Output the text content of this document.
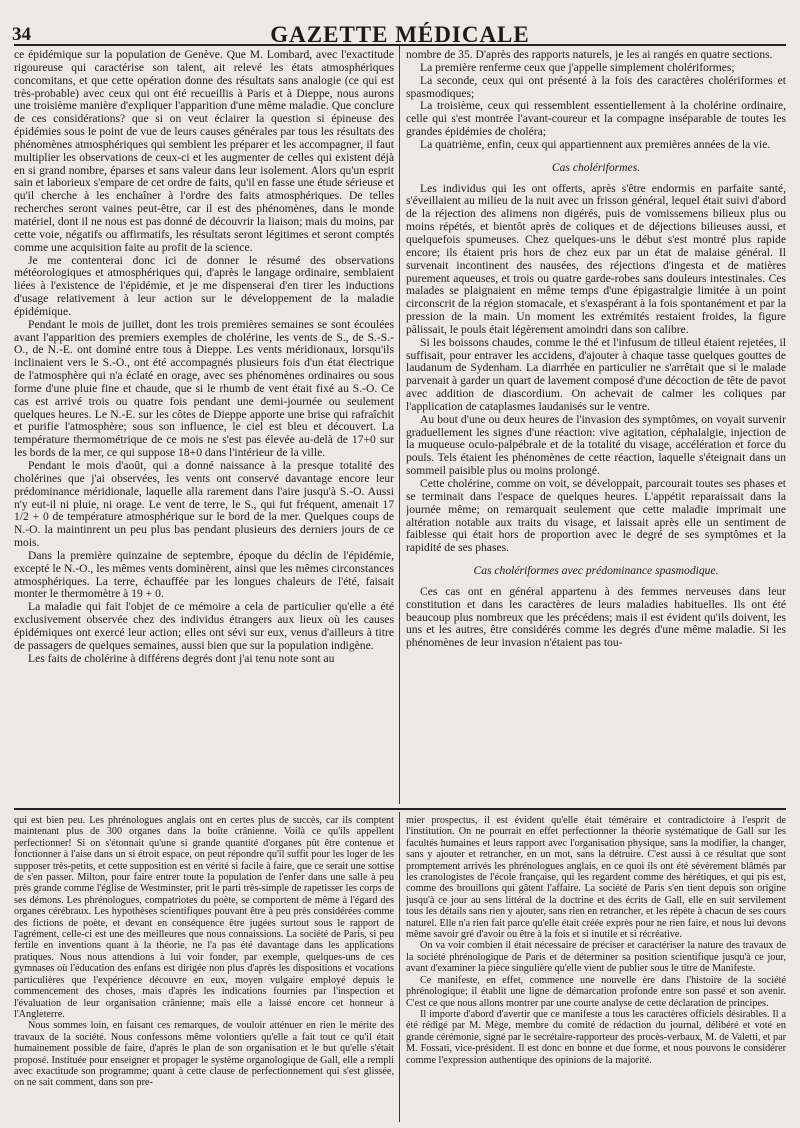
34	GAZETTE MÉDICALE

ce épidémique sur la population de Genève. Que M. Lombard, avec l'exactitude rigoureuse qui caractérise son talent, ait relevé les états atmosphériques concomitans, et que cette opération donne des résultats sans analogie (ce qui est très-probable) avec ceux qui ont été recueillis à Paris et à Dieppe, nous aurons une troisième manière d'expliquer l'apparition d'une même maladie. Que conclure de ces considérations? que si on veut éclairer la question si épineuse des épidémies sous le point de vue de leurs causes générales par tous les résultats des phénomènes atmosphériques qui semblent les préparer et les accompagner, il faut multiplier les observations de ceux-ci et les augmenter de celles qui existent déjà en si grand nombre, éparses et sans valeur dans leur isolement. Alors qu'un esprit sain et laborieux s'empare de cet ordre de faits, qu'il en fasse une étude sérieuse et qu'il cherche à les enchaîner à l'ordre des faits atmosphériques. De telles recherches seront vaines peut-être, car il est des phénomènes, dans le monde matériel, dont il ne nous est pas donné de découvrir la liaison; mais du moins, par cette voie, négatifs ou affirmatifs, les résultats seront légitimes et seront comptés comme une acquisition faite au profit de la science.

Je me contenterai donc ici de donner le résumé des observations météorologiques et atmosphériques qui, d'après le langage ordinaire, semblaient liées à l'existence de l'épidémie, et je me dispenserai d'en tirer les inductions d'usage relativement à leur action sur le développement de la maladie épidémique.

Pendant le mois de juillet, dont les trois premières semaines se sont écoulées avant l'apparition des premiers exemples de cholérine, les vents de S., de S.-S.-O., de N.-E. ont dominé entre tous à Dieppe. Les vents méridionaux, lorsqu'ils inclinaient vers le S.-O., ont été accompagnés plusieurs fois d'un état électrique de l'atmosphère qui n'a éclaté en orage, avec ses phénomènes ordinaires ou sous forme d'une pluie fine et chaude, que si le rhumb de vent était fixé au S.-O. Ce cas est arrivé trois ou quatre fois pendant une demi-journée ou seulement quelques heures. Le N.-E. sur les côtes de Dieppe apporte une brise qui rafraîchit et purifie l'atmosphère; sous son influence, le ciel est bleu et découvert. La température thermométrique de ce mois ne s'est pas élevée au-delà de 17+0 sur les bords de la mer, ce qui suppose 18+0 dans l'intérieur de la ville.

Pendant le mois d'août, qui a donné naissance à la presque totalité des cholérines que j'ai observées, les vents ont conservé davantage encore leur prédominance méridionale, laquelle alla rarement dans l'aire jusqu'à S.-O. Aussi n'y eut-il ni pluie, ni orage. Le vent de terre, le S., qui fut fréquent, amenait 17 1/2 + 0 de température atmosphérique sur le bord de la mer. Quelques coups de N.-O. la maintinrent un peu plus bas pendant plusieurs des derniers jours de ce mois.

Dans la première quinzaine de septembre, époque du déclin de l'épidémie, excepté le N.-O., les mêmes vents dominèrent, ainsi que les mêmes circonstances atmosphériques. La terre, échauffée par les longues chaleurs de l'été, faisait monter le thermomètre à 19 + 0.

La maladie qui fait l'objet de ce mémoire a cela de particulier qu'elle a été exclusivement observée chez des individus étrangers aux lieux où les causes épidémiques ont exercé leur action; elles ont sévi sur eux, venus d'ailleurs à titre de passagers de quelques semaines, aussi bien que sur la population indigène.

Les faits de cholérine à différens degrés dont j'ai tenu note sont au

nombre de 35. D'après des rapports naturels, je les ai rangés en quatre sections.

La première renferme ceux que j'appelle simplement cholériformes;

La seconde, ceux qui ont présenté à la fois des caractères cholériformes et spasmodiques;

La troisième, ceux qui ressemblent essentiellement à la cholérine ordinaire, celle qui s'est montrée l'avant-coureur et la compagne inséparable de toutes les grandes épidémies de choléra;

La quatrième, enfin, ceux qui appartiennent aux premières années de la vie.

Cas cholériformes.

Les individus qui les ont offerts, après s'être endormis en parfaite santé, s'éveillaient au milieu de la nuit avec un frisson général, lequel était suivi d'abord de la réjection des alimens non digérés, puis de vomissemens bilieux plus ou moins répétés, et bientôt après de coliques et de déjections bilieuses aussi, et quelquefois spumeuses. Chez quelques-uns le début s'est montré plus rapide encore; ils étaient pris hors de chez eux par un état de malaise général. Il survenait incontinent des nausées, des réjections d'ingesta et de matières purement aqueuses, et trois ou quatre garde-robes sans douleurs intestinales. Ces malades se plaignaient en même temps d'une épigastralgie limitée à un point circonscrit de la région stomacale, et s'exaspérant à la fois spontanément et par la pression de la main. Un moment les extrémités restaient froides, la figure pâlissait, le pouls était légèrement amoindri dans son calibre.

Si les boissons chaudes, comme le thé et l'infusum de tilleul étaient rejetées, il suffisait, pour entraver les accidens, d'ajouter à chaque tasse quelques gouttes de laudanum de Sydenham. La diarrhée en particulier ne s'arrêtait que si le malade parvenait à garder un quart de lavement composé d'une décoction de tête de pavot avec addition de diascordium. On achevait de calmer les coliques par l'application de cataplasmes laudanisés sur le ventre.

Au bout d'une ou deux heures de l'invasion des symptômes, on voyait survenir graduellement les signes d'une réaction: vive agitation, céphalalgie, injection de la muqueuse oculo-palpébrale et de la totalité du visage, accélération et force du pouls. Tels étaient les phénomènes de cette réaction, laquelle s'éteignait dans un sommeil paisible plus ou moins prolongé.

Cette cholérine, comme on voit, se développait, parcourait toutes ses phases et se terminait dans l'espace de quelques heures. L'appétit reparaissait dans la journée même; on remarquait seulement que cette maladie imprimait une altération notable aux traits du visage, et laissait après elle un sentiment de faiblesse qui était hors de proportion avec le degré de ses symptômes et la rapidité de ses phases.

Cas cholériformes avec prédominance spasmodique.

Ces cas ont en général appartenu à des femmes nerveuses dans leur constitution et dans les caractères de leurs maladies habituelles. Ils ont été beaucoup plus nombreux que les précédens; mais il est évident qu'ils doivent, les uns et les autres, être considérés comme les degrés d'une même maladie. Si les phénomènes de leur invasion n'étaient pas tou-

qui est bien peu. Les phrénologues anglais ont en certes plus de succès, car ils comptent maintenant plus de 300 organes dans la boîte crânienne. Voilà ce qu'ils appellent perfectionner! Si on s'étonnait qu'une si grande quantité d'organes pût être contenue et fonctionner à l'aise dans un si étroit espace, on peut répondre qu'il suffit pour les loger de les supposer très-petits, et cette supposition est en vérité si facile à faire, que ce serait une sottise de s'en passer. Milton, pour faire entrer toute la population de l'enfer dans une salle à peu près grande comme l'église de Westminster, prit le parti très-simple de rapetisser les corps de ses démons. Les phrénologues, compatriotes du poète, se comportent de même à l'égard des organes cérébraux. Les hypothèses scientifiques pouvant être à peu près considérées comme des fictions de poète, et devant en conséquence être jugées surtout sous le rapport de l'agrément, celle-ci est une des meilleures que nous connaissions. La société de Paris, si peu fertile en inventions quant à la théorie, ne l'a pas été davantage dans les applications pratiques. Nous nous attendions à lui voir fonder, par exemple, quelques-uns de ces gymnases où l'éducation des enfans est dirigée non plus d'après les dispositions et vocations particulières que l'expérience découvre en eux, moyen vulgaire employé depuis le commencement des choses, mais d'après les indications fournies par l'inspection et l'évaluation de leur organisation crânienne; mais elle a laissé encore cet honneur à l'Angleterre.

Nous sommes loin, en faisant ces remarques, de vouloir atténuer en rien le mérite des travaux de la société. Nous confessons même volontiers qu'elle a fait tout ce qu'il était humainement possible de faire, d'après le plan de son organisation et le but qu'elle s'était proposé. Instituée pour enseigner et propager le système organologique de Gall, elle a rempli avec exactitude son programme; quant à cette clause de perfectionnement qui s'est glissée, on ne sait comment, dans son pre-

mier prospectus, il est évident qu'elle était téméraire et contradictoire à l'esprit de l'institution. On ne pourrait en effet perfectionner la théorie systématique de Gall sur les facultés humaines et leurs rapport avec l'organisation physique, sans la modifier, la changer, sans y ajouter et retrancher, en un mot, sans la détruire. C'est aussi à ce résultat que sont promptement arrivés les phrénologues anglais, en ce quoi ils ont été sévèrement blâmés par les cranologistes de l'école française, qui les regardent comme des hérétiques, et qui pis est, comme des brouillons qui gâtent l'affaire. La société de Paris s'en tient depuis son origine jusqu'à ce jour au sens littéral de la doctrine et des écrits de Gall, elle en suit servilement tous les détails sans rien y ajouter, sans rien en retrancher, et les répète à chacun de ses cours naturel. Elle n'a rien fait parce qu'elle était créée exprès pour ne rien faire, et nous lui devons même savoir gré d'avoir ou être à la fois et si inutile et si récréative.

On va voir combien il était nécessaire de préciser et caractériser la nature des travaux de la société phrénologique de Paris et de déterminer sa position scientifique jusqu'à ce jour, avant d'examiner la pièce singulière qu'elle vient de publier sous le titre de Manifeste.

Ce manifeste, en effet, commence une nouvelle ère dans l'histoire de la société phrénologique; il établit une ligne de démarcation profonde entre son passé et son avenir. C'est ce que nous allons montrer par une courte analyse de cette déclaration de principes.

Il importe d'abord d'avertir que ce manifeste a tous les caractères officiels désirables. Il a été rédigé par M. Mège, membre du comité de rédaction du journal, délibéré et voté en grande cérémonie, signé par le secrétaire-rapporteur des procès-verbaux, M. de Valetti, et par M. Fossati, vice-président. Il est donc en bonne et due forme, et nous pouvons le considérer comme l'expression authentique des opinions de la majorité.
